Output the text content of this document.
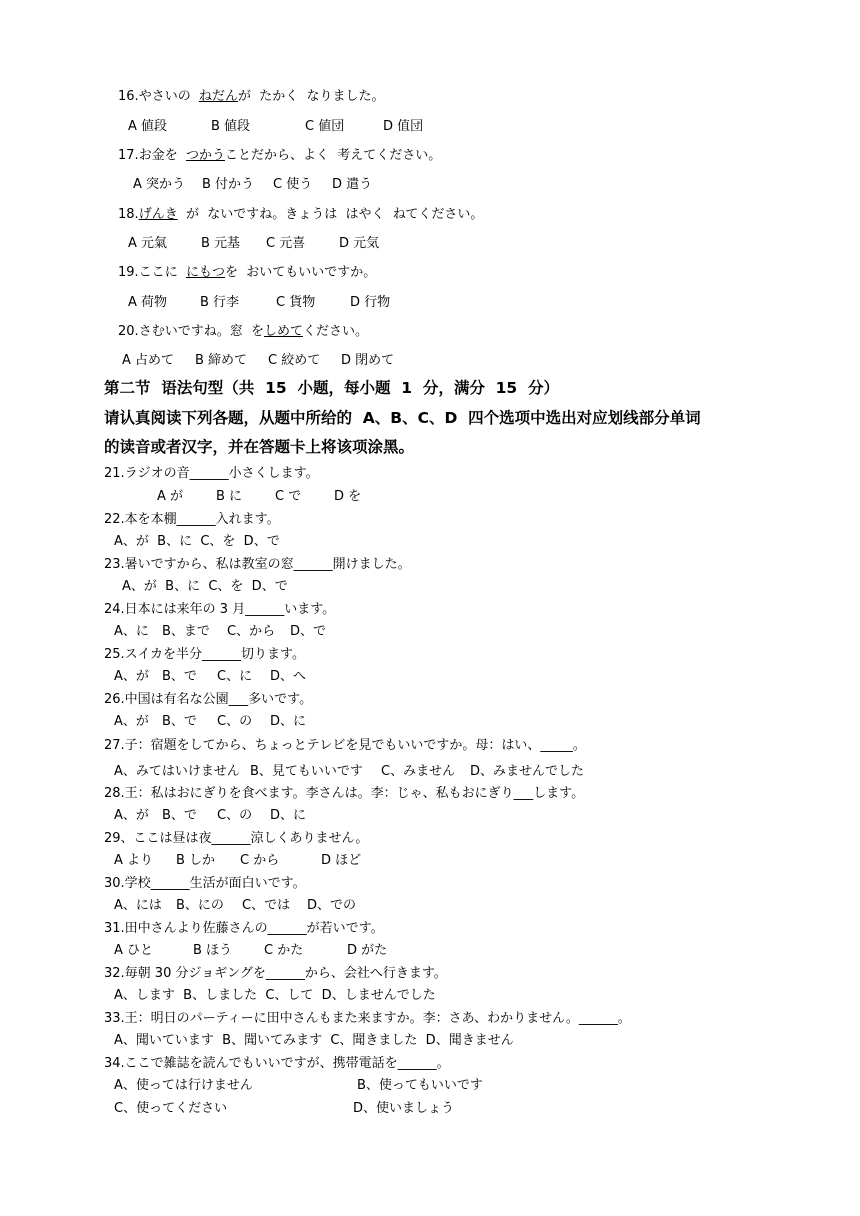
16.やさいの  ねだんが  たかく  なりました。
A 値段	B 値段	C 値団	D 值団
17.お金を  つかうことだから、よく  考えてください。
A 突かう B 付かう C 使う D 遣う
18.げんき  が  ないですね。きょうは  はやく  ねてください。
A 元氣	B 元基 C 元喜	D 元気
19.ここに  にもつを  おいてもいいですか。
A 荷物	B 行李	C 貨物	D 行物
20.さむいですね。窓  をしめてください。
A 占めて B 締めて C 絞めて D 閉めて
第二节  语法句型（共  15  小题，每小题  1  分，满分  15  分）
请认真阅读下列各题，从题中所给的  A、B、C、D  四个选项中选出对应划线部分单词
的读音或者汉字，并在答题卡上将该项涂黑。
21.ラジオの音______小さくします。
A が	B に	C で	D を
22.本を本棚______入れます。
A、が  B、に  C、を  D、で
23.暑いですから、私は教室の窓______開けました。
A、が  B、に  C、を  D、で
24.日本には来年の 3 月______います。
A、に B、まで C、から D、で
25.スイカを半分______切ります。
A、が B、で C、に D、へ
26.中国は有名な公園___多いです。
A、が B、で C、の D、に
27.子：宿題をしてから、ちょっとテレビを見でもいいですか。母：はい、_____。
A、みてはいけません B、見てもいいです C、みません D、みませんでした
28.王：私はおにぎりを食べます。李さんは。李：じゃ、私もおにぎり___します。
A、が B、で C、の D、に
29、ここは昼は夜______涼しくありません。
A より B しか C から	D ほど
30.学校______生活が面白いです。
A、には B、にの C、では D、での
31.田中さんより佐藤さんの______が若いです。
A ひと	B ほう C かた	D がた
32.毎朝 30 分ジョギングを______から、会社へ行きます。
A、します  B、しました  C、して  D、しませんでした
33.王：明日のパーティーに田中さんもまた来ますか。李：さあ、わかりません。______。
A、聞いています  B、聞いてみます  C、聞きました  D、聞きません
34.ここで雑誌を読んでもいいですが、携帯電話を______。
A、使っては行けません	B、使ってもいいです
C、使ってください	D、使いましょう
